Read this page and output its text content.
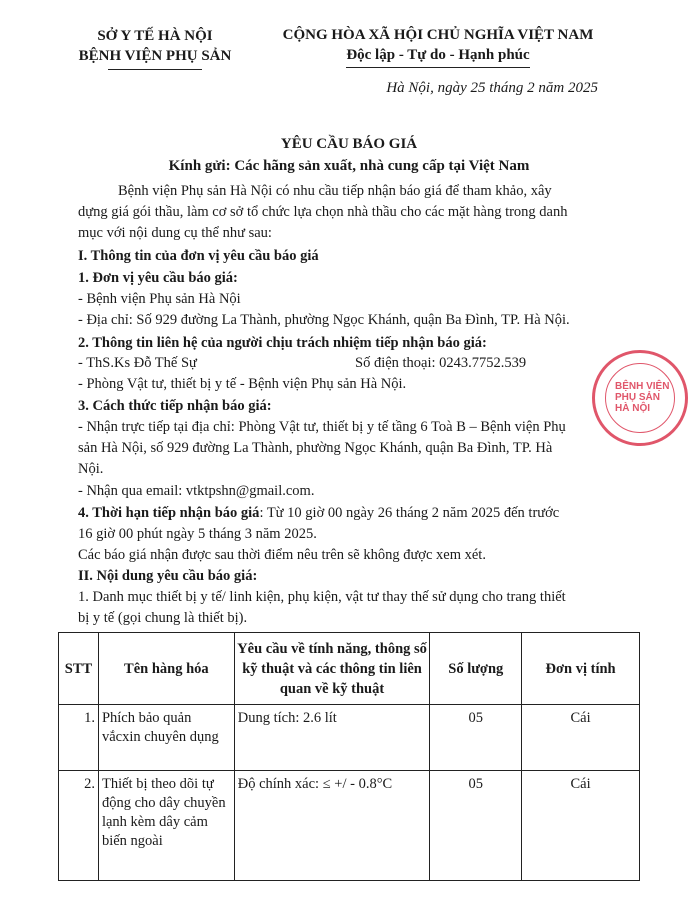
SỞ Y TẾ HÀ NỘI
BỆNH VIỆN PHỤ SẢN
CỘNG HÒA XÃ HỘI CHỦ NGHĨA VIỆT NAM
Độc lập - Tự do - Hạnh phúc
Hà Nội, ngày 25 tháng 2 năm 2025
YÊU CẦU BÁO GIÁ
Kính gửi: Các hãng sản xuất, nhà cung cấp tại Việt Nam
Bệnh viện Phụ sản Hà Nội có nhu cầu tiếp nhận báo giá để tham khảo, xây
dựng giá gói thầu, làm cơ sở tổ chức lựa chọn nhà thầu cho các mặt hàng trong danh
mục với nội dung cụ thể như sau:
I. Thông tin của đơn vị yêu cầu báo giá
1. Đơn vị yêu cầu báo giá:
- Bệnh viện Phụ sản Hà Nội
- Địa chỉ: Số 929 đường La Thành, phường Ngọc Khánh, quận Ba Đình, TP. Hà Nội.
2. Thông tin liên hệ của người chịu trách nhiệm tiếp nhận báo giá:
- ThS.Ks Đỗ Thế Sự	Số điện thoại: 0243.7752.539
- Phòng Vật tư, thiết bị y tế - Bệnh viện Phụ sản Hà Nội.
3. Cách thức tiếp nhận báo giá:
- Nhận trực tiếp tại địa chỉ: Phòng Vật tư, thiết bị y tế tầng 6 Toà B – Bệnh viện Phụ
sản Hà Nội, số 929 đường La Thành, phường Ngọc Khánh, quận Ba Đình, TP. Hà
Nội.
- Nhận qua email: vtktpshn@gmail.com.
4. Thời hạn tiếp nhận báo giá: Từ 10 giờ 00 ngày 26 tháng 2 năm 2025 đến trước
16 giờ 00 phút ngày 5 tháng 3 năm 2025.
Các báo giá nhận được sau thời điểm nêu trên sẽ không được xem xét.
II. Nội dung yêu cầu báo giá:
1. Danh mục thiết bị y tế/ linh kiện, phụ kiện, vật tư thay thế sử dụng cho trang thiết
bị y tế (gọi chung là thiết bị).
STT	Tên hàng hóa	Yêu cầu về tính năng, thông số
kỹ thuật và các thông tin liên
quan về kỹ thuật	Số lượng	Đơn vị tính
1.	Phích bảo quản
vắcxin chuyên dụng	Dung tích: 2.6 lít	05	Cái
2.	Thiết bị theo dõi tự
động cho dây chuyền
lạnh kèm dây cảm
biến ngoài	Độ chính xác: ≤ +/ - 0.8°C	05	Cái
BỆNH VIỆN PHỤ SẢN HÀ NỘI
